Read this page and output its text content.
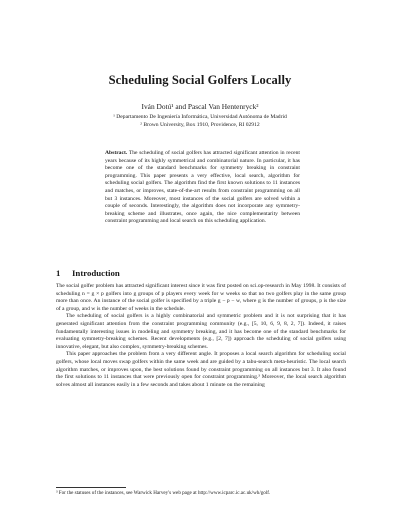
Scheduling Social Golfers Locally
Iván Dotú¹ and Pascal Van Hentenryck²
¹ Departamento De Ingeniería Informática, Universidad Autónoma de Madrid
² Brown University, Box 1910, Providence, RI 02912
Abstract. The scheduling of social golfers has attracted significant attention in recent years because of its highly symmetrical and combinatorial nature. In particular, it has become one of the standard benchmarks for symmetry breaking in constraint programming. This paper presents a very effective, local search, algorithm for scheduling social golfers. The algorithm find the first known solutions to 11 instances and matches, or improves, state-of-the-art results from constraint programming on all but 3 instances. Moreover, most instances of the social golfers are solved within a couple of seconds. Interestingly, the algorithm does not incorporate any symmetry-breaking scheme and illustrates, once again, the nice complementarity between constraint programming and local search on this scheduling application.
1 Introduction

The social golfer problem has attracted significant interest since it was first posted on sci.op-research in May 1998. It consists of scheduling n = g × p golfers into g groups of p players every week for w weeks so that no two golfers play in the same group more than once. An instance of the social golfer is specified by a triple g − p − w, where g is the number of groups, p is the size of a group, and w is the number of weeks in the schedule.

The scheduling of social golfers is a highly combinatorial and symmetric problem and it is not surprising that it has generated significant attention from the constraint programming community (e.g., [5, 10, 6, 9, 8, 2, 7]). Indeed, it raises fundamentally interesting issues in modeling and symmetry breaking, and it has become one of the standard benchmarks for evaluating symmetry-breaking schemes. Recent developments (e.g., [2, 7]) approach the scheduling of social golfers using innovative, elegant, but also complex, symmetry-breaking schemes.

This paper approaches the problem from a very different angle. It proposes a local search algorithm for scheduling social golfers, whose local moves swap golfers within the same week and are guided by a tabu-search meta-heuristic. The local search algorithm matches, or improves upon, the best solutions found by constraint programming on all instances but 3. It also found the first solutions to 11 instances that were previously open for constraint programming.³ Moreover, the local search algorithm solves almost all instances easily in a few seconds and takes about 1 minute on the remaining

³ For the statuses of the instances, see Warwick Harvey's web page at http://www.icparc.ic.ac.uk/wh/golf.
